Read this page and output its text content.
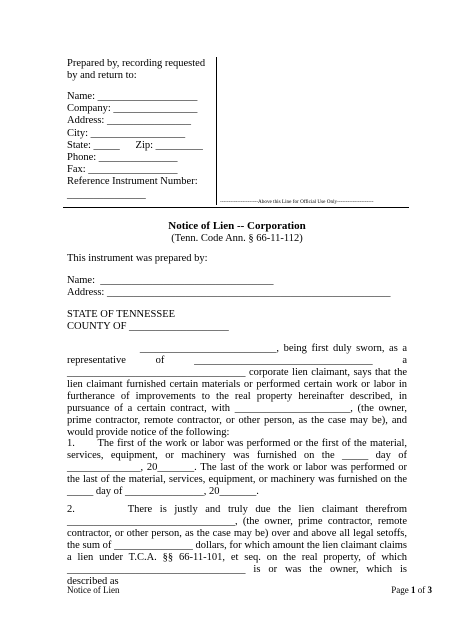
Prepared by, recording requested by and return to:
Name: ___________________
Company: ________________
Address: ________________
City: __________________
State: _____      Zip: _________
Phone: _______________
Fax: _________________
Reference Instrument Number:
_______________
----------------------Above this Line for Official Use Only---------------------
Notice of Lien -- Corporation
(Tenn. Code Ann. § 66-11-112)
This instrument was prepared by:
Name:  _________________________________
Address: ______________________________________________________
STATE OF TENNESSEE
COUNTY OF ___________________
__________________________, being first duly sworn, as a representative of __________________________________ a __________________________________ corporate lien claimant, says that the lien claimant furnished certain materials or performed certain work or labor in furtherance of improvements to the real property hereinafter described, in pursuance of a certain contract, with ______________________, (the owner, prime contractor, remote contractor, or other person, as the case may be), and would provide notice of the following:
1.       The first of the work or labor was performed or the first of the material, services, equipment, or machinery was furnished on the _____ day of ______________, 20_______. The last of the work or labor was performed or the last of the material, services, equipment, or machinery was furnished on the _____ day of _______________, 20_______.
2.       There is justly and truly due the lien claimant therefrom ________________________________, (the owner, prime contractor, remote contractor, or other person, as the case may be) over and above all legal setoffs, the sum of _______________ dollars, for which amount the lien claimant claims a lien under T.C.A. §§ 66-11-101, et seq. on the real property, of which __________________________________ is or was the owner, which is described as
Notice of Lien	Page 1 of 3
